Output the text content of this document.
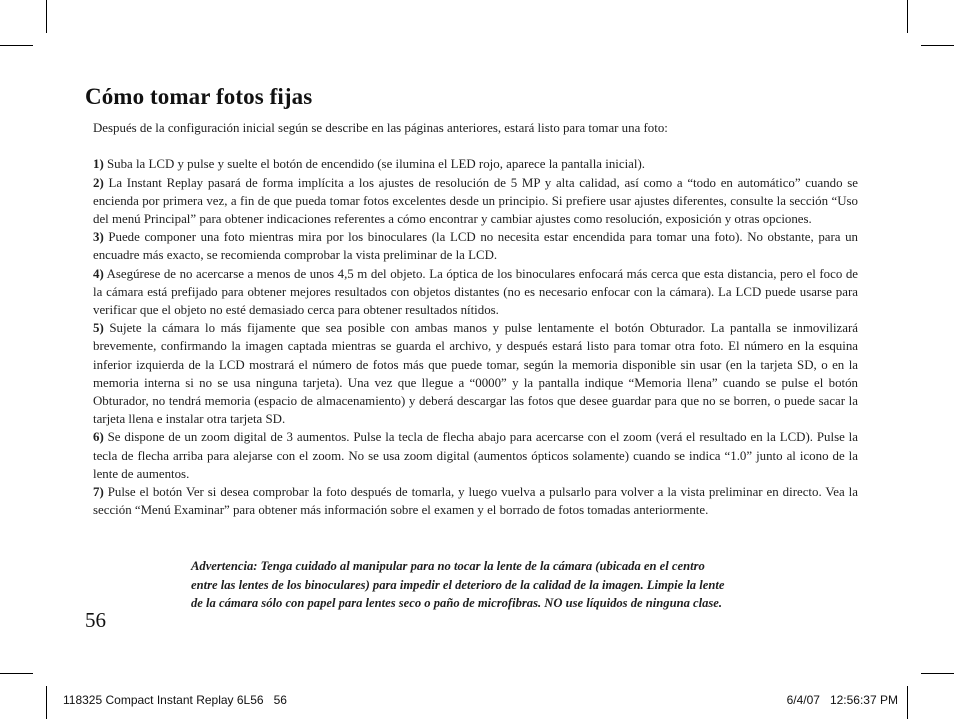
Cómo tomar fotos fijas

Después de la configuración inicial según se describe en las páginas anteriores, estará listo para tomar una foto:

1) Suba la LCD y pulse y suelte el botón de encendido (se ilumina el LED rojo, aparece la pantalla inicial).

2) La Instant Replay pasará de forma implícita a los ajustes de resolución de 5 MP y alta calidad, así como a “todo en automático” cuando se encienda por primera vez, a fin de que pueda tomar fotos excelentes desde un principio. Si prefiere usar ajustes diferentes, consulte la sección “Uso del menú Principal” para obtener indicaciones referentes a cómo encontrar y cambiar ajustes como resolución, exposición y otras opciones.

3) Puede componer una foto mientras mira por los binoculares (la LCD no necesita estar encendida para tomar una foto). No obstante, para un encuadre más exacto, se recomienda comprobar la vista preliminar de la LCD.

4) Asegúrese de no acercarse a menos de unos 4,5 m del objeto. La óptica de los binoculares enfocará más cerca que esta distancia, pero el foco de la cámara está prefijado para obtener mejores resultados con objetos distantes (no es necesario enfocar con la cámara). La LCD puede usarse para verificar que el objeto no esté demasiado cerca para obtener resultados nítidos.

5) Sujete la cámara lo más fijamente que sea posible con ambas manos y pulse lentamente el botón Obturador. La pantalla se inmovilizará brevemente, confirmando la imagen captada mientras se guarda el archivo, y después estará listo para tomar otra foto. El número en la esquina inferior izquierda de la LCD mostrará el número de fotos más que puede tomar, según la memoria disponible sin usar (en la tarjeta SD, o en la memoria interna si no se usa ninguna tarjeta). Una vez que llegue a “0000” y la pantalla indique “Memoria llena” cuando se pulse el botón Obturador, no tendrá memoria (espacio de almacenamiento) y deberá descargar las fotos que desee guardar para que no se borren, o puede sacar la tarjeta llena e instalar otra tarjeta SD.

6) Se dispone de un zoom digital de 3 aumentos. Pulse la tecla de flecha abajo para acercarse con el zoom (verá el resultado en la LCD). Pulse la tecla de flecha arriba para alejarse con el zoom. No se usa zoom digital (aumentos ópticos solamente) cuando se indica “1.0” junto al icono de la lente de aumentos.

7) Pulse el botón Ver si desea comprobar la foto después de tomarla, y luego vuelva a pulsarlo para volver a la vista preliminar en directo. Vea la sección “Menú Examinar” para obtener más información sobre el examen y el borrado de fotos tomadas anteriormente.

Advertencia: Tenga cuidado al manipular para no tocar la lente de la cámara (ubicada en el centro
entre las lentes de los binoculares) para impedir el deterioro de la calidad de la imagen. Limpie la lente
de la cámara sólo con papel para lentes seco o paño de microfibras. NO use líquidos de ninguna clase.
56
118325 Compact Instant Replay 6L56   56	6/4/07   12:56:37 PM
